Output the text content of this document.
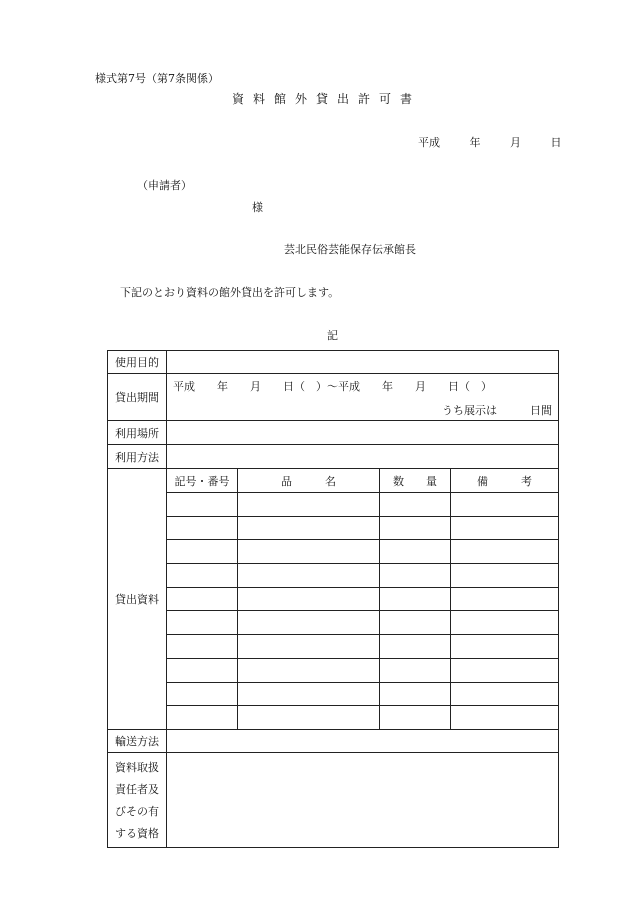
様式第7号（第7条関係）
資料館外貸出許可書
平成	年	月	日
（申請者）
様
芸北民俗芸能保存伝承館長
下記のとおり資料の館外貸出を許可します。
記
使用目的				
貸出期間	平成　　年　　月　　日（　）～平成　　年　　月　　日（　）
うち展示は　　　日間			

利用場所				
利用方法				
貸出資料	記号・番号	品　　　名	数　　量	備　　　考

輸送方法				
資料取扱
責任者及
びその有
する資格				
